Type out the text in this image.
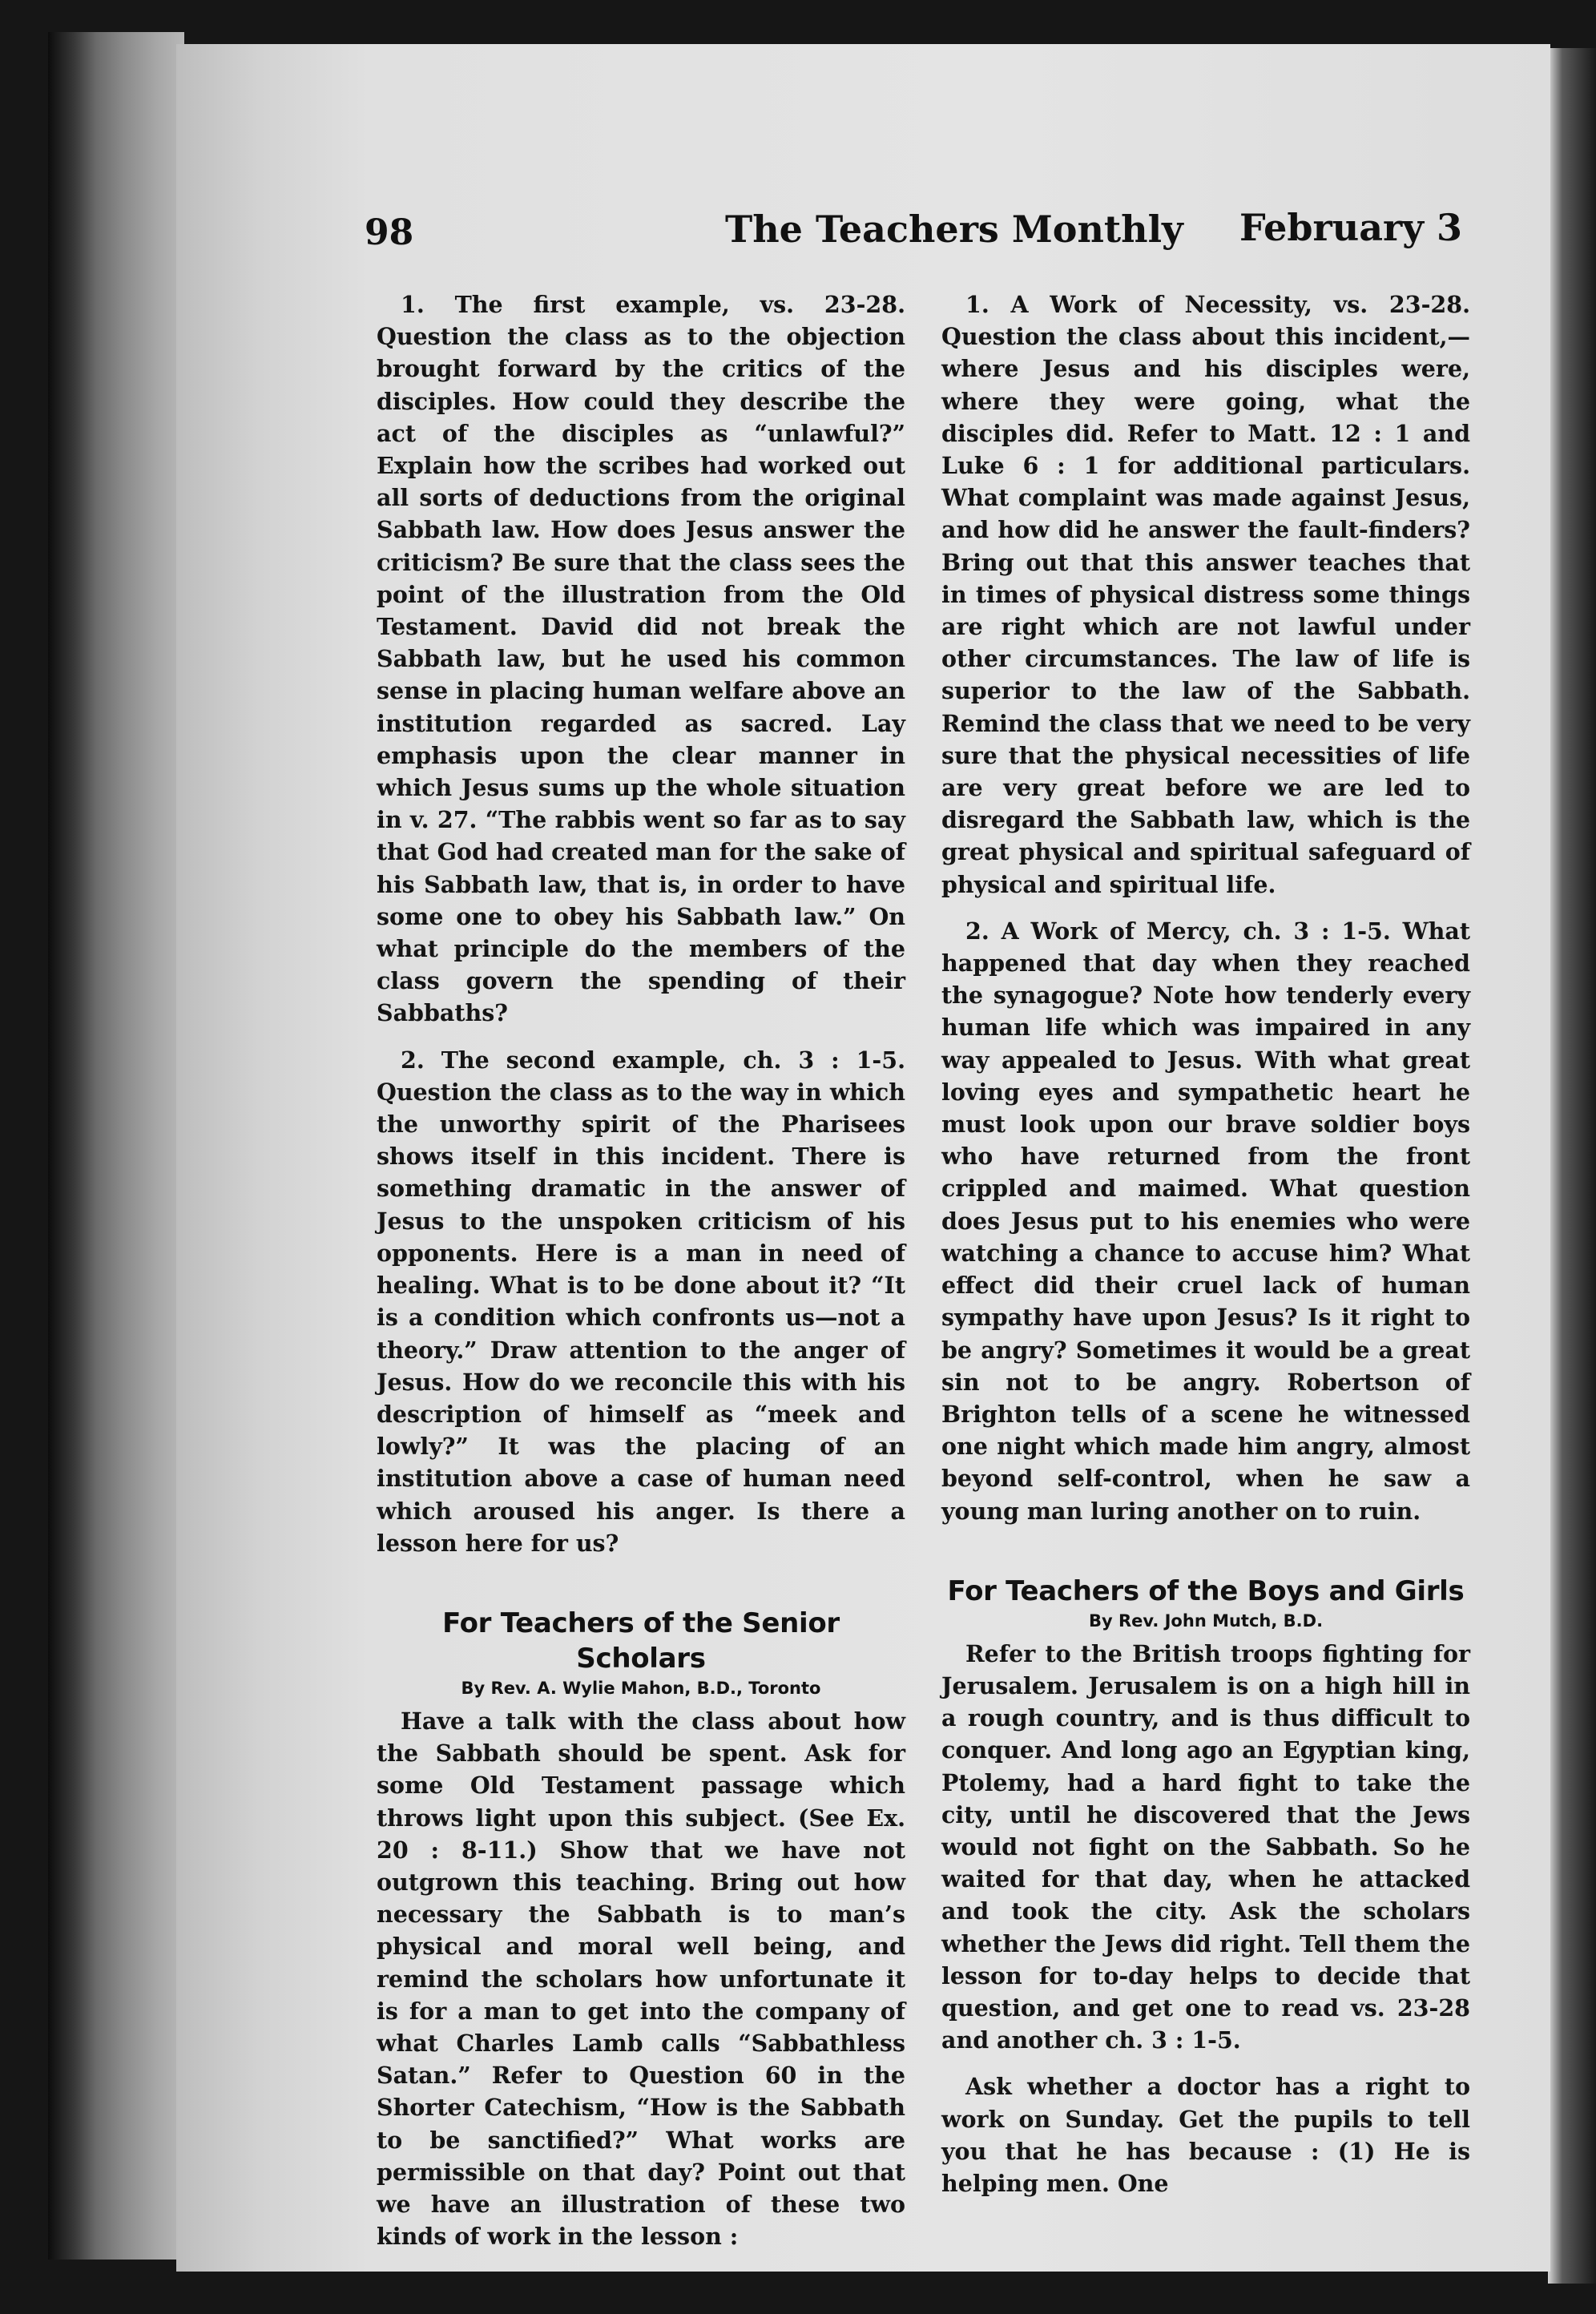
98	The Teachers Monthly February 3

1. The first example, vs. 23-28. Question the class as to the objection brought forward by the critics of the disciples. How could they describe the act of the disciples as “unlawful?” Explain how the scribes had worked out all sorts of deductions from the original Sabbath law. How does Jesus answer the criticism? Be sure that the class sees the point of the illustration from the Old Testament. David did not break the Sabbath law, but he used his common sense in placing human welfare above an institution regarded as sacred. Lay emphasis upon the clear manner in which Jesus sums up the whole situation in v. 27. “The rabbis went so far as to say that God had created man for the sake of his Sabbath law, that is, in order to have some one to obey his Sabbath law.” On what principle do the members of the class govern the spending of their Sabbaths?

2. The second example, ch. 3 : 1-5. Question the class as to the way in which the unworthy spirit of the Pharisees shows itself in this incident. There is something dramatic in the answer of Jesus to the unspoken criticism of his opponents. Here is a man in need of healing. What is to be done about it? “It is a condition which confronts us—not a theory.” Draw attention to the anger of Jesus. How do we reconcile this with his description of himself as “meek and lowly?” It was the placing of an institution above a case of human need which aroused his anger. Is there a lesson here for us?

For Teachers of the Senior Scholars
By Rev. A. Wylie Mahon, B.D., Toronto

Have a talk with the class about how the Sabbath should be spent. Ask for some Old Testament passage which throws light upon this subject. (See Ex. 20 : 8-11.) Show that we have not outgrown this teaching. Bring out how necessary the Sabbath is to man’s physical and moral well being, and remind the scholars how unfortunate it is for a man to get into the company of what Charles Lamb calls “Sabbathless Satan.” Refer to Question 60 in the Shorter Catechism, “How is the Sabbath to be sanctified?” What works are permissible on that day? Point out that we have an illustration of these two kinds of work in the lesson :

1. A Work of Necessity, vs. 23-28. Question the class about this incident,—where Jesus and his disciples were, where they were going, what the disciples did. Refer to Matt. 12 : 1 and Luke 6 : 1 for additional particulars. What complaint was made against Jesus, and how did he answer the fault-finders? Bring out that this answer teaches that in times of physical distress some things are right which are not lawful under other circumstances. The law of life is superior to the law of the Sabbath. Remind the class that we need to be very sure that the physical necessities of life are very great before we are led to disregard the Sabbath law, which is the great physical and spiritual safeguard of physical and spiritual life.

2. A Work of Mercy, ch. 3 : 1-5. What happened that day when they reached the synagogue? Note how tenderly every human life which was impaired in any way appealed to Jesus. With what great loving eyes and sympathetic heart he must look upon our brave soldier boys who have returned from the front crippled and maimed. What question does Jesus put to his enemies who were watching a chance to accuse him? What effect did their cruel lack of human sympathy have upon Jesus? Is it right to be angry? Sometimes it would be a great sin not to be angry. Robertson of Brighton tells of a scene he witnessed one night which made him angry, almost beyond self-control, when he saw a young man luring another on to ruin.

For Teachers of the Boys and Girls
By Rev. John Mutch, B.D.

Refer to the British troops fighting for Jerusalem. Jerusalem is on a high hill in a rough country, and is thus difficult to conquer. And long ago an Egyptian king, Ptolemy, had a hard fight to take the city, until he discovered that the Jews would not fight on the Sabbath. So he waited for that day, when he attacked and took the city. Ask the scholars whether the Jews did right. Tell them the lesson for to-day helps to decide that question, and get one to read vs. 23-28 and another ch. 3 : 1-5.

Ask whether a doctor has a right to work on Sunday. Get the pupils to tell you that he has because : (1) He is helping men. One
